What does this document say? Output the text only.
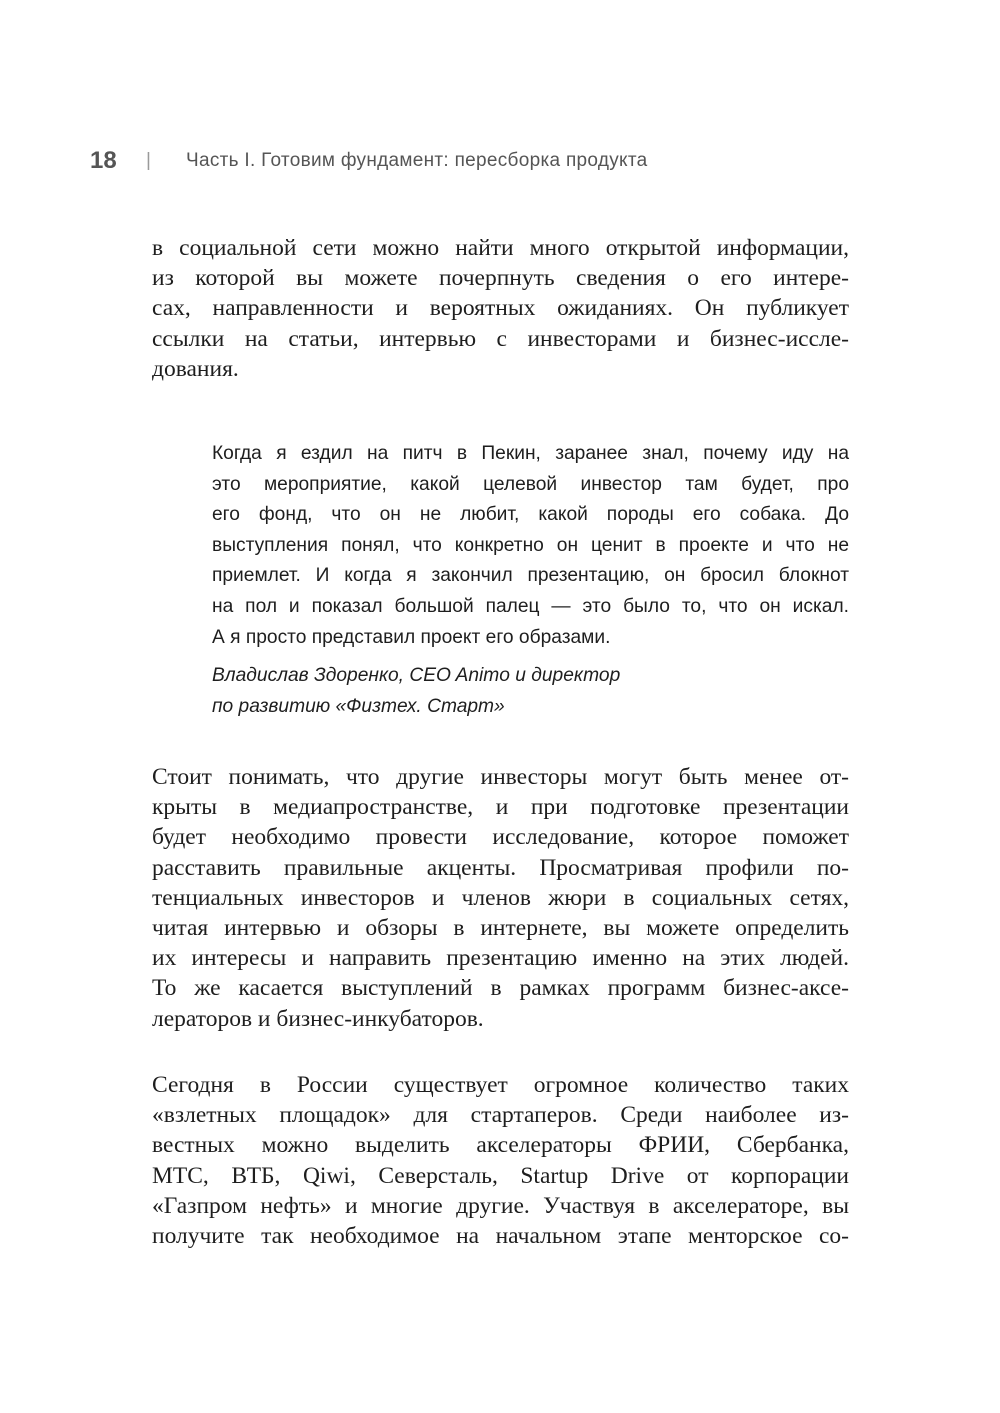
18	|	Часть I. Готовим фундамент: пересборка продукта
в социальной сети можно найти много открытой информации,
из которой вы можете почерпнуть сведения о его интере-
сах, направленности и вероятных ожиданиях. Он публикует
ссылки на статьи, интервью с инвесторами и бизнес-иссле-
дования.
Когда я ездил на питч в Пекин, заранее знал, почему иду на
это мероприятие, какой целевой инвестор там будет, про
его фонд, что он не любит, какой породы его собака. До
выступления понял, что конкретно он ценит в проекте и что не
приемлет. И когда я закончил презентацию, он бросил блокнот
на пол и показал большой палец — это было то, что он искал.
А я просто представил проект его образами.
Владислав Здоренко, CEO Animo и директор
по развитию «Физтех. Старт»
Стоит понимать, что другие инвесторы могут быть менее от-
крыты в медиапространстве, и при подготовке презентации
будет необходимо провести исследование, которое поможет
расставить правильные акценты. Просматривая профили по-
тенциальных инвесторов и членов жюри в социальных сетях,
читая интервью и обзоры в интернете, вы можете определить
их интересы и направить презентацию именно на этих людей.
То же касается выступлений в рамках программ бизнес-аксе-
лераторов и бизнес-инкубаторов.
Сегодня в России существует огромное количество таких
«взлетных площадок» для стартаперов. Среди наиболее из-
вестных можно выделить акселераторы ФРИИ, Сбербанка,
МТС, ВТБ, Qiwi, Северсталь, Startup Drive от корпорации
«Газпром нефть» и многие другие. Участвуя в акселераторе, вы
получите так необходимое на начальном этапе менторское со-
